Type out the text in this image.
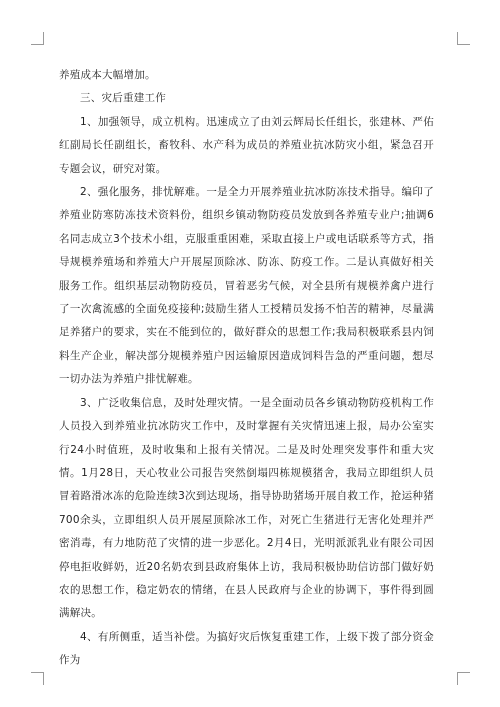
养殖成本大幅增加。

三、灾后重建工作

1、加强领导，成立机构。迅速成立了由刘云辉局长任组长，张建林、严佑红副局长任副组长，畜牧科、水产科为成员的养殖业抗冰防灾小组，紧急召开专题会议，研究对策。

2、强化服务，排忧解难。一是全力开展养殖业抗冰防冻技术指导。编印了养殖业防寒防冻技术资料份，组织乡镇动物防疫员发放到各养殖专业户;抽调6名同志成立3个技术小组，克服重重困难，采取直接上户或电话联系等方式，指导规模养殖场和养殖大户开展屋顶除冰、防冻、防疫工作。二是认真做好相关服务工作。组织基层动物防疫员，冒着恶劣气候，对全县所有规模养禽户进行了一次禽流感的全面免疫接种;鼓励生猪人工授精员发扬不怕苦的精神，尽量满足养猪户的要求，实在不能到位的，做好群众的思想工作;我局积极联系县内饲料生产企业，解决部分规模养殖户因运输原因造成饲料告急的严重问题，想尽一切办法为养殖户排忧解难。

3、广泛收集信息，及时处理灾情。一是全面动员各乡镇动物防疫机构工作人员投入到养殖业抗冰防灾工作中，及时掌握有关灾情迅速上报，局办公室实行24小时值班，及时收集和上报有关情况。二是及时处理突发事件和重大灾情。1月28日，天心牧业公司报告突然倒塌四栋规模猪舍，我局立即组织人员冒着路滑冰冻的危险连续3次到达现场，指导协助猪场开展自救工作，抢运种猪700余头，立即组织人员开展屋顶除冰工作，对死亡生猪进行无害化处理并严密消毒，有力地防范了灾情的进一步恶化。2月4日，光明派派乳业有限公司因停电拒收鲜奶，近20名奶农到县政府集体上访，我局积极协助信访部门做好奶农的思想工作，稳定奶农的情绪，在县人民政府与企业的协调下，事件得到圆满解决。

4、有所侧重，适当补偿。为搞好灾后恢复重建工作，上级下拨了部分资金作为
